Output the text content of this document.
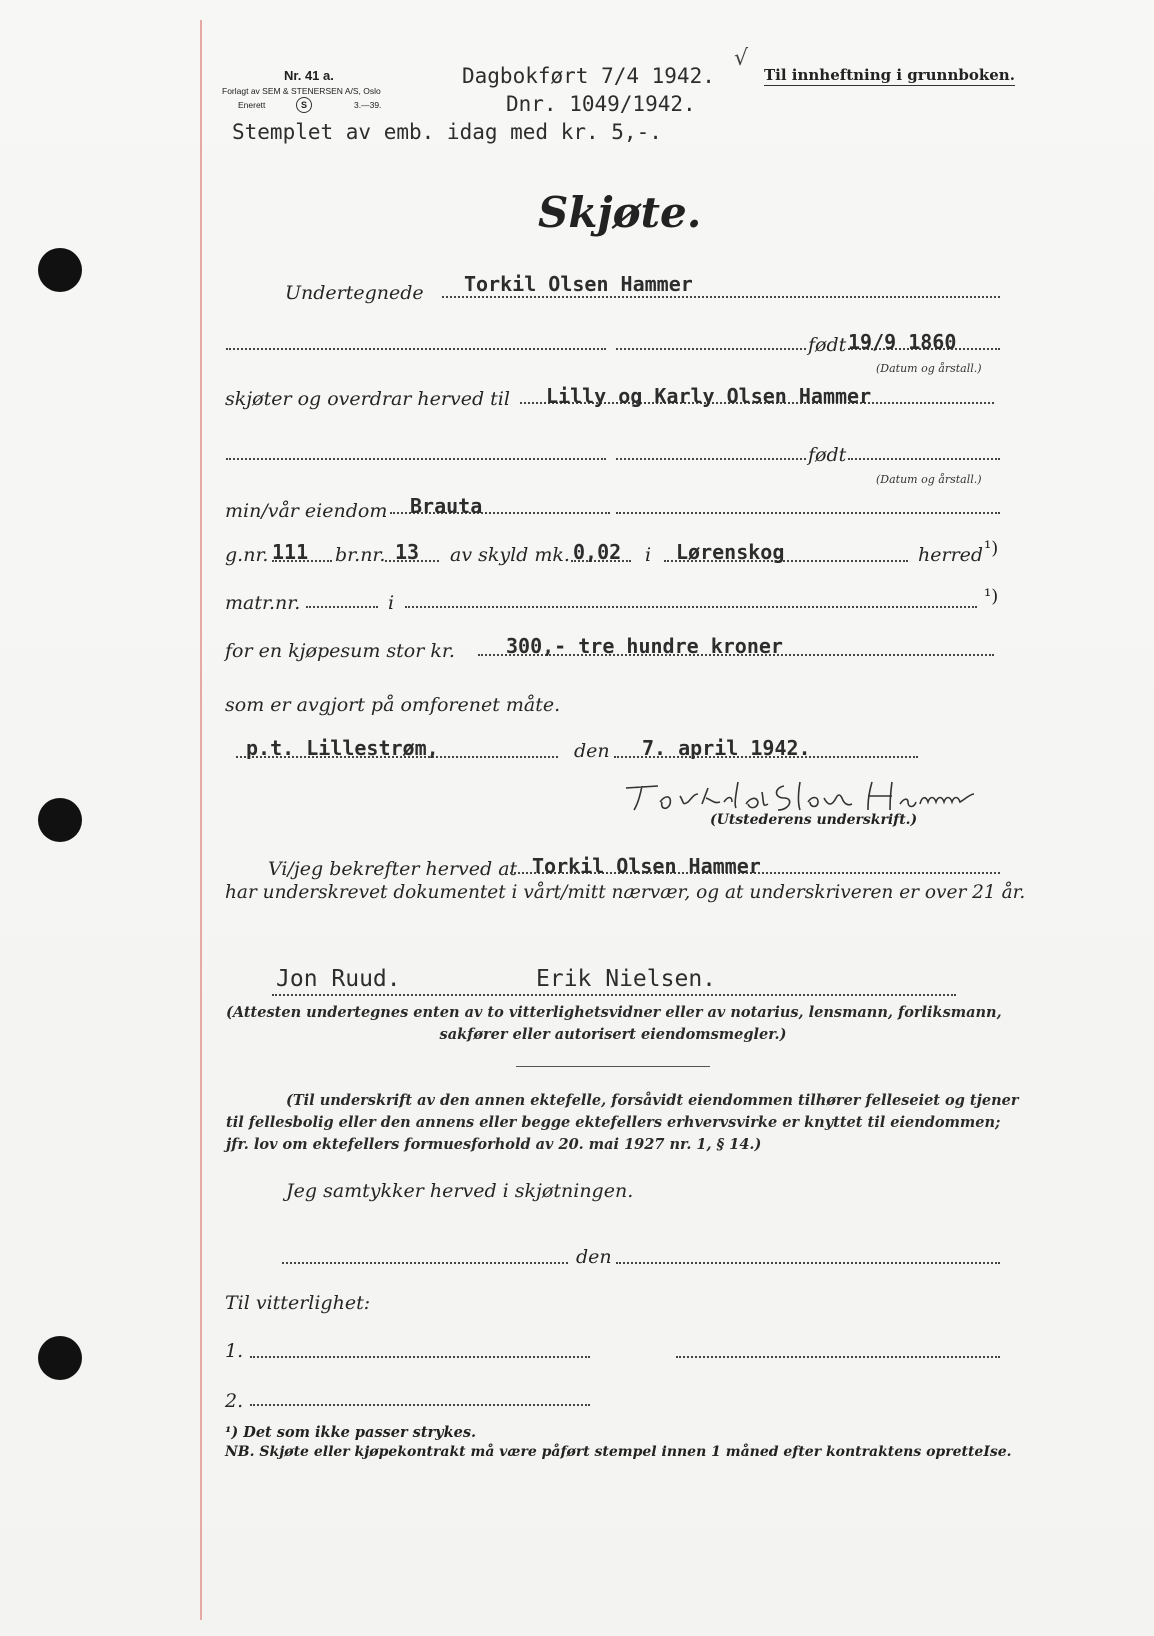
Nr. 41 a.
Forlagt av SEM & STENERSEN A/S, Oslo
Enerett	S	3.—39.
Dagbokført 7/4 1942.
√
Dnr. 1049/1942.
Stemplet av emb. idag med kr. 5,-.
Til innheftning i grunnboken.
Skjøte.
Undertegnede Torkil Olsen Hammer
født 19/9 1860
(Datum og årstall.)
skjøter og overdrar herved til Lilly og Karly Olsen Hammer
født
(Datum og årstall.)
min/vår eiendom Brauta
g.nr. 111 br.nr. 13 av skyld mk. 0,02 i Lørenskog	herred ¹)
matr.nr.	i	¹)
for en kjøpesum stor kr.	300,- tre hundre kroner
som er avgjort på omforenet måte.
p.t. Lillestrøm,	den 7. april 1942.
(Utstederens underskrift.)
Vi/jeg bekrefter herved at Torkil Olsen Hammer
har underskrevet dokumentet i vårt/mitt nærvær, og at underskriveren er over 21 år.
Jon Ruud.	Erik Nielsen.
(Attesten undertegnes enten av to vitterlighetsvidner eller av notarius, lensmann, forliksmann,
sakfører eller autorisert eiendomsmegler.)
(Til underskrift av den annen ektefelle, forsåvidt eiendommen tilhører felleseiet og tjener
til fellesbolig eller den annens eller begge ektefellers erhvervsvirke er knyttet til eiendommen;
jfr. lov om ektefellers formuesforhold av 20. mai 1927 nr. 1, § 14.)
Jeg samtykker herved i skjøtningen.
den
Til vitterlighet:
1.
2.
¹) Det som ikke passer strykes.
NB. Skjøte eller kjøpekontrakt må være påført stempel innen 1 måned efter kontraktens opretteIse.
